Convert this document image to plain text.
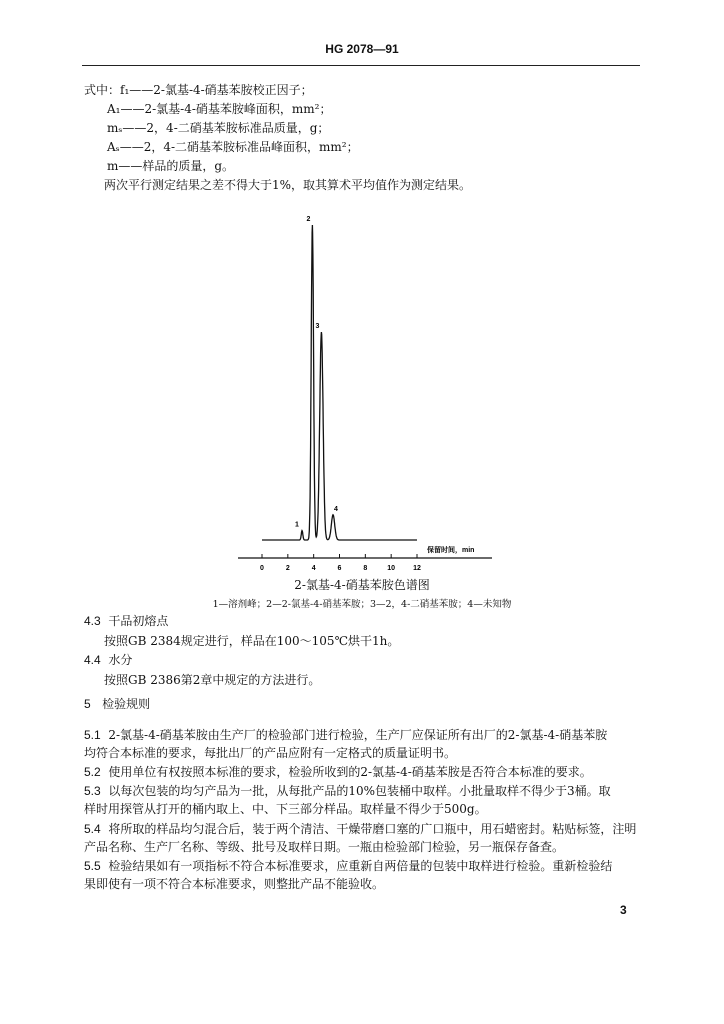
HG 2078—91
式中：f₁——2-氯基-4-硝基苯胺校正因子；
A₁——2-氯基-4-硝基苯胺峰面积，mm²；
mₛ——2，4-二硝基苯胺标准品质量，g；
Aₛ——2，4-二硝基苯胺标准品峰面积，mm²；
m——样品的质量，g。
两次平行测定结果之差不得大于1%，取其算术平均值作为测定结果。
1
2
3
4
0	2	4	6	8	10	12
保留时间，min
2-氯基-4-硝基苯胺色谱图
1—溶剂峰；2—2-氯基-4-硝基苯胺；3—2，4-二硝基苯胺；4—未知物
4.3 干品初熔点
按照GB 2384规定进行，样品在100～105℃烘干1h。
4.4 水分
按照GB 2386第2章中规定的方法进行。
5 检验规则
5.1 2-氯基-4-硝基苯胺由生产厂的检验部门进行检验，生产厂应保证所有出厂的2-氯基-4-硝基苯胺
均符合本标准的要求，每批出厂的产品应附有一定格式的质量证明书。
5.2 使用单位有权按照本标准的要求，检验所收到的2-氯基-4-硝基苯胺是否符合本标准的要求。
5.3 以每次包装的均匀产品为一批，从每批产品的10%包装桶中取样。小批量取样不得少于3桶。取
样时用探管从打开的桶内取上、中、下三部分样品。取样量不得少于500g。
5.4 将所取的样品均匀混合后，装于两个清洁、干燥带磨口塞的广口瓶中，用石蜡密封。粘贴标签，注明
产品名称、生产厂名称、等级、批号及取样日期。一瓶由检验部门检验，另一瓶保存备查。
5.5 检验结果如有一项指标不符合本标准要求，应重新自两倍量的包装中取样进行检验。重新检验结
果即使有一项不符合本标准要求，则整批产品不能验收。
3
